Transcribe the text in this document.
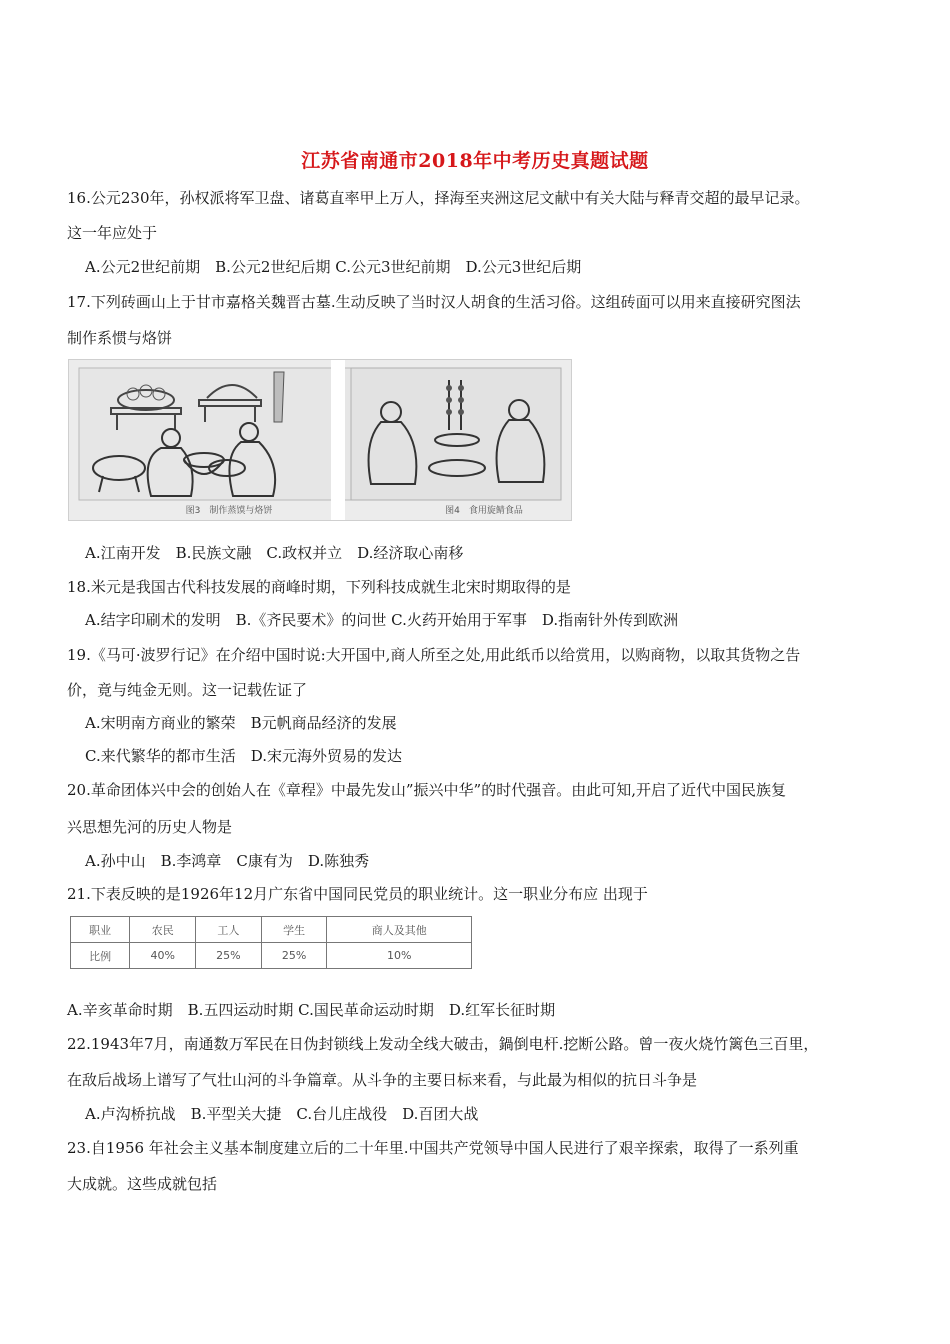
江苏省南通市2018年中考历史真题试题
16.公元230年，孙权派将军卫盘、诸葛直率甲上万人，择海至夹洲这尼文献中有关大陆与释青交超的最早记录。
这一年应处于
A.公元2世纪前期　B.公元2世纪后期 C.公元3世纪前期　D.公元3世纪后期
17.下列砖画山上于甘市嘉格关魏晋古墓.生动反映了当时汉人胡食的生活习俗。这组砖面可以用来直接研究图法
制作系惯与烙饼
图3　制作蒸馍与烙饼	图4　食用旋鲭食品
A.江南开发　B.民族文融　C.政权并立　D.经济取心南移
18.米元是我国古代科技发展的商峰时期，下列科技成就生北宋时期取得的是
A.结字印刷术的发明　B.《齐民要术》的问世 C.火药开始用于军事　D.指南针外传到欧洲
19.《马可·波罗行记》在介绍中国时说:大开国中,商人所至之处,用此纸币以给赏用，以购商物，以取其货物之告
价，竟与纯金无则。这一记载佐证了
A.宋明南方商业的繁荣　B元帆商品经济的发展
C.来代繁华的都市生活　D.宋元海外贸易的发达
20.革命团体兴中会的创始人在《章程》中最先发山”振兴中华”的时代强音。由此可知,开启了近代中国民族复
兴思想先河的历史人物是
A.孙中山　B.李鸿章　C康有为　D.陈独秀
21.下表反映的是1926年12月广东省中国同民党员的职业统计。这一职业分布应 出现于
职业	农民	工人	学生	商人及其他
比例	40%	25%	25%	10%
A.辛亥革命时期　B.五四运动时期 C.国民革命运动时期　D.红军长征时期
22.1943年7月，南通数万军民在日伪封锁线上发动全线大破击，鍋倒电杆.挖断公路。曾一夜火烧竹篱色三百里，
在敌后战场上谱写了气壮山河的斗争篇章。从斗争的主要日标来看，与此最为相似的抗日斗争是
A.卢沟桥抗战　B.平型关大捷　C.台儿庄战役　D.百团大战
23.自1956 年社会主义基本制度建立后的二十年里.中国共产党领导中国人民进行了艰辛探索，取得了一系列重
大成就。这些成就包括
